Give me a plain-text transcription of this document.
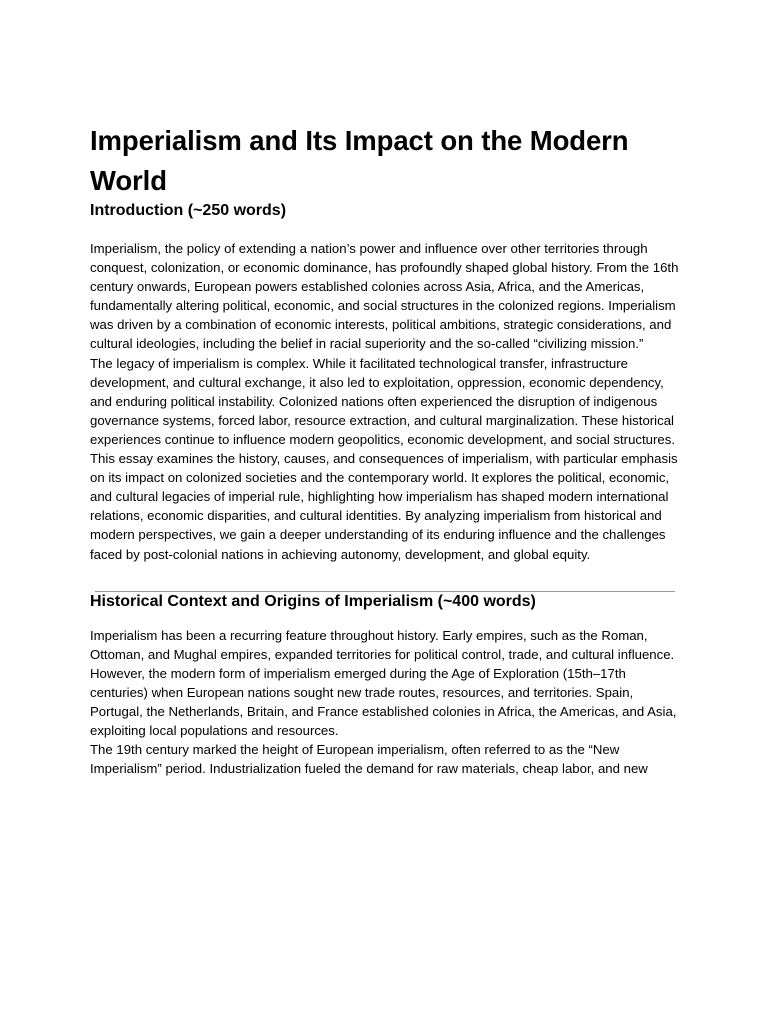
Imperialism and Its Impact on the Modern World
Introduction (~250 words)

Imperialism, the policy of extending a nation’s power and influence over other territories through conquest, colonization, or economic dominance, has profoundly shaped global history. From the 16th century onwards, European powers established colonies across Asia, Africa, and the Americas, fundamentally altering political, economic, and social structures in the colonized regions. Imperialism was driven by a combination of economic interests, political ambitions, strategic considerations, and cultural ideologies, including the belief in racial superiority and the so-called “civilizing mission.”

The legacy of imperialism is complex. While it facilitated technological transfer, infrastructure development, and cultural exchange, it also led to exploitation, oppression, economic dependency, and enduring political instability. Colonized nations often experienced the disruption of indigenous governance systems, forced labor, resource extraction, and cultural marginalization. These historical experiences continue to influence modern geopolitics, economic development, and social structures.

This essay examines the history, causes, and consequences of imperialism, with particular emphasis on its impact on colonized societies and the contemporary world. It explores the political, economic, and cultural legacies of imperial rule, highlighting how imperialism has shaped modern international relations, economic disparities, and cultural identities. By analyzing imperialism from historical and modern perspectives, we gain a deeper understanding of its enduring influence and the challenges faced by post-colonial nations in achieving autonomy, development, and global equity.

Historical Context and Origins of Imperialism (~400 words)

Imperialism has been a recurring feature throughout history. Early empires, such as the Roman, Ottoman, and Mughal empires, expanded territories for political control, trade, and cultural influence. However, the modern form of imperialism emerged during the Age of Exploration (15th–17th centuries) when European nations sought new trade routes, resources, and territories. Spain, Portugal, the Netherlands, Britain, and France established colonies in Africa, the Americas, and Asia, exploiting local populations and resources.

The 19th century marked the height of European imperialism, often referred to as the “New Imperialism” period. Industrialization fueled the demand for raw materials, cheap labor, and new
